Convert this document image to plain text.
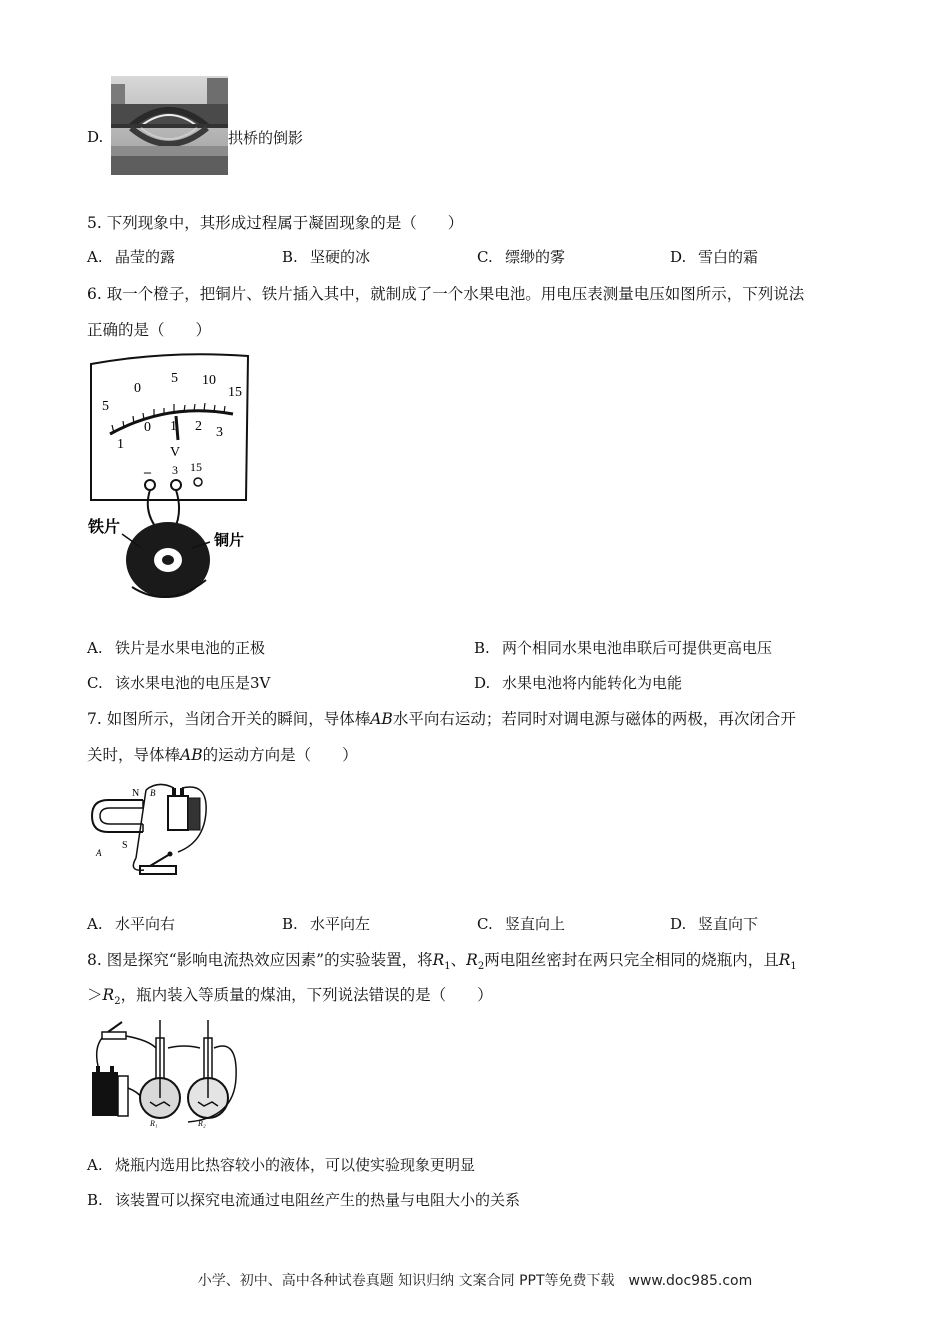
D.	拱桥的倒影
5. 下列现象中，其形成过程属于凝固现象的是（　　）
A. 晶莹的露	B. 坚硬的冰	C. 缥缈的雾	D. 雪白的霜
6. 取一个橙子，把铜片、铁片插入其中，就制成了一个水果电池。用电压表测量电压如图所示，下列说法
正确的是（　　）
5
0
5 10
15
1
0 1 2 3
V
– 3 15
铁片
铜片
A. 铁片是水果电池的正极	B. 两个相同水果电池串联后可提供更高电压
C. 该水果电池的电压是3V	D. 水果电池将内能转化为电能
7. 如图所示，当闭合开关的瞬间，导体棒AB水平向右运动；若同时对调电源与磁体的两极，再次闭合开
关时，导体棒AB的运动方向是（　　）
N
S
B
A
A. 水平向右	B. 水平向左	C. 竖直向上	D. 竖直向下
8. 图是探究“影响电流热效应因素”的实验装置，将$R_1$、$R_2$两电阻丝密封在两只完全相同的烧瓶内，且$R_1$
$>R_2$，瓶内装入等质量的煤油，下列说法错误的是（　　）
R₁	R₂
A. 烧瓶内选用比热容较小的液体，可以使实验现象更明显
B. 该装置可以探究电流通过电阻丝产生的热量与电阻大小的关系
小学、初中、高中各种试卷真题 知识归纳 文案合同 PPT等免费下载　www.doc985.com
